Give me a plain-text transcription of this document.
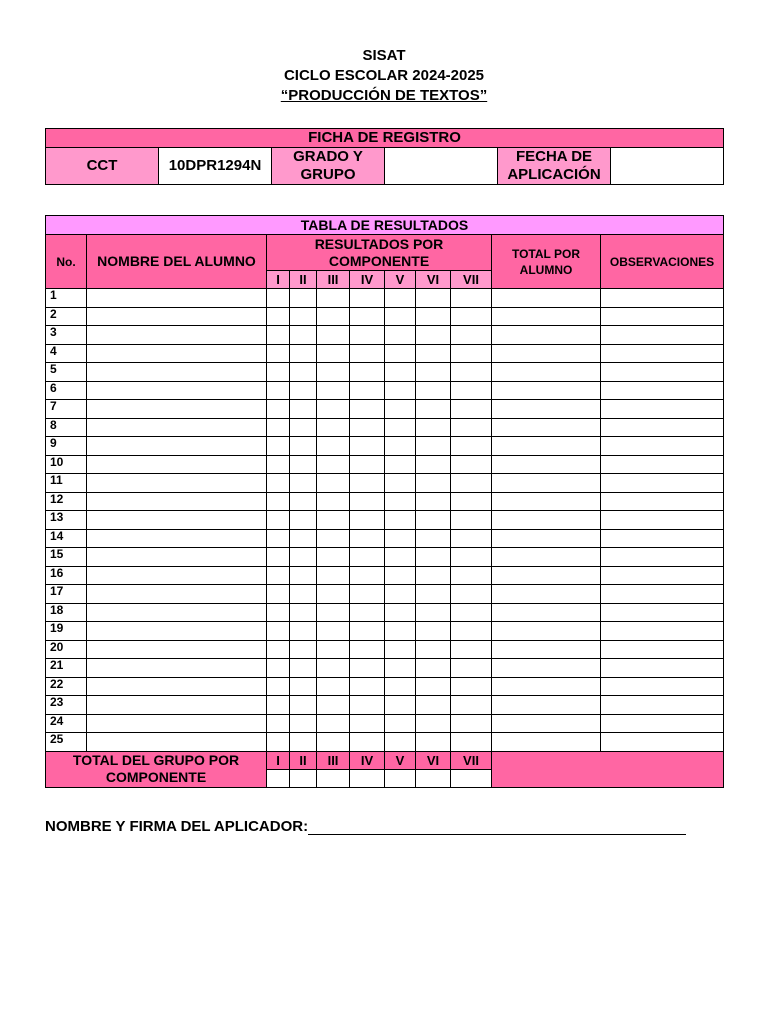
SISAT
CICLO ESCOLAR 2024-2025
“PRODUCCIÓN DE TEXTOS”
FICHA DE REGISTRO
CCT	10DPR1294N	GRADO Y GRUPO		FECHA DE APLICACIÓN	
TABLA DE RESULTADOS										
No.	NOMBRE DEL ALUMNO	RESULTADOS POR COMPONENTE							TOTAL POR ALUMNO	OBSERVACIONES
		I	II	III	IV	V	VI	VII		
1										
2										
3										
4										
5										
6										
7										
8										
9										
10										
11										
12										
13										
14										
15										
16										
17										
18										
19										
20										
21										
22										
23										
24										
25										
TOTAL DEL GRUPO POR COMPONENTE		I	II	III	IV	V	VI	VII		

NOMBRE Y FIRMA DEL APLICADOR:
